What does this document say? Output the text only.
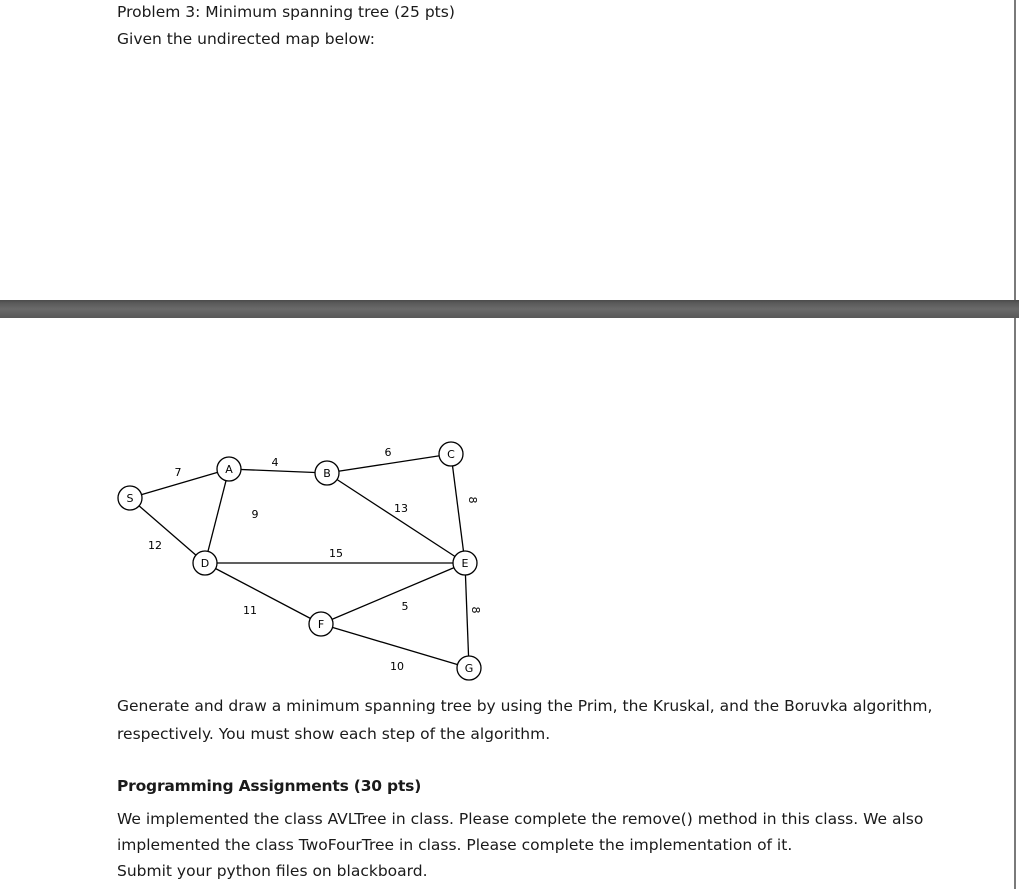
Problem 3: Minimum spanning tree (25 pts)
Given the undirected map below:
7
12
4
9
6
13
8
15
11	5
10
8
S
A	B
C
D	E
F
G
Generate and draw a minimum spanning tree by using the Prim, the Kruskal, and the Boruvka algorithm,
respectively. You must show each step of the algorithm.
Programming Assignments (30 pts)
We implemented the class AVLTree in class. Please complete the remove() method in this class. We also
implemented the class TwoFourTree in class. Please complete the implementation of it.
Submit your python files on blackboard.
